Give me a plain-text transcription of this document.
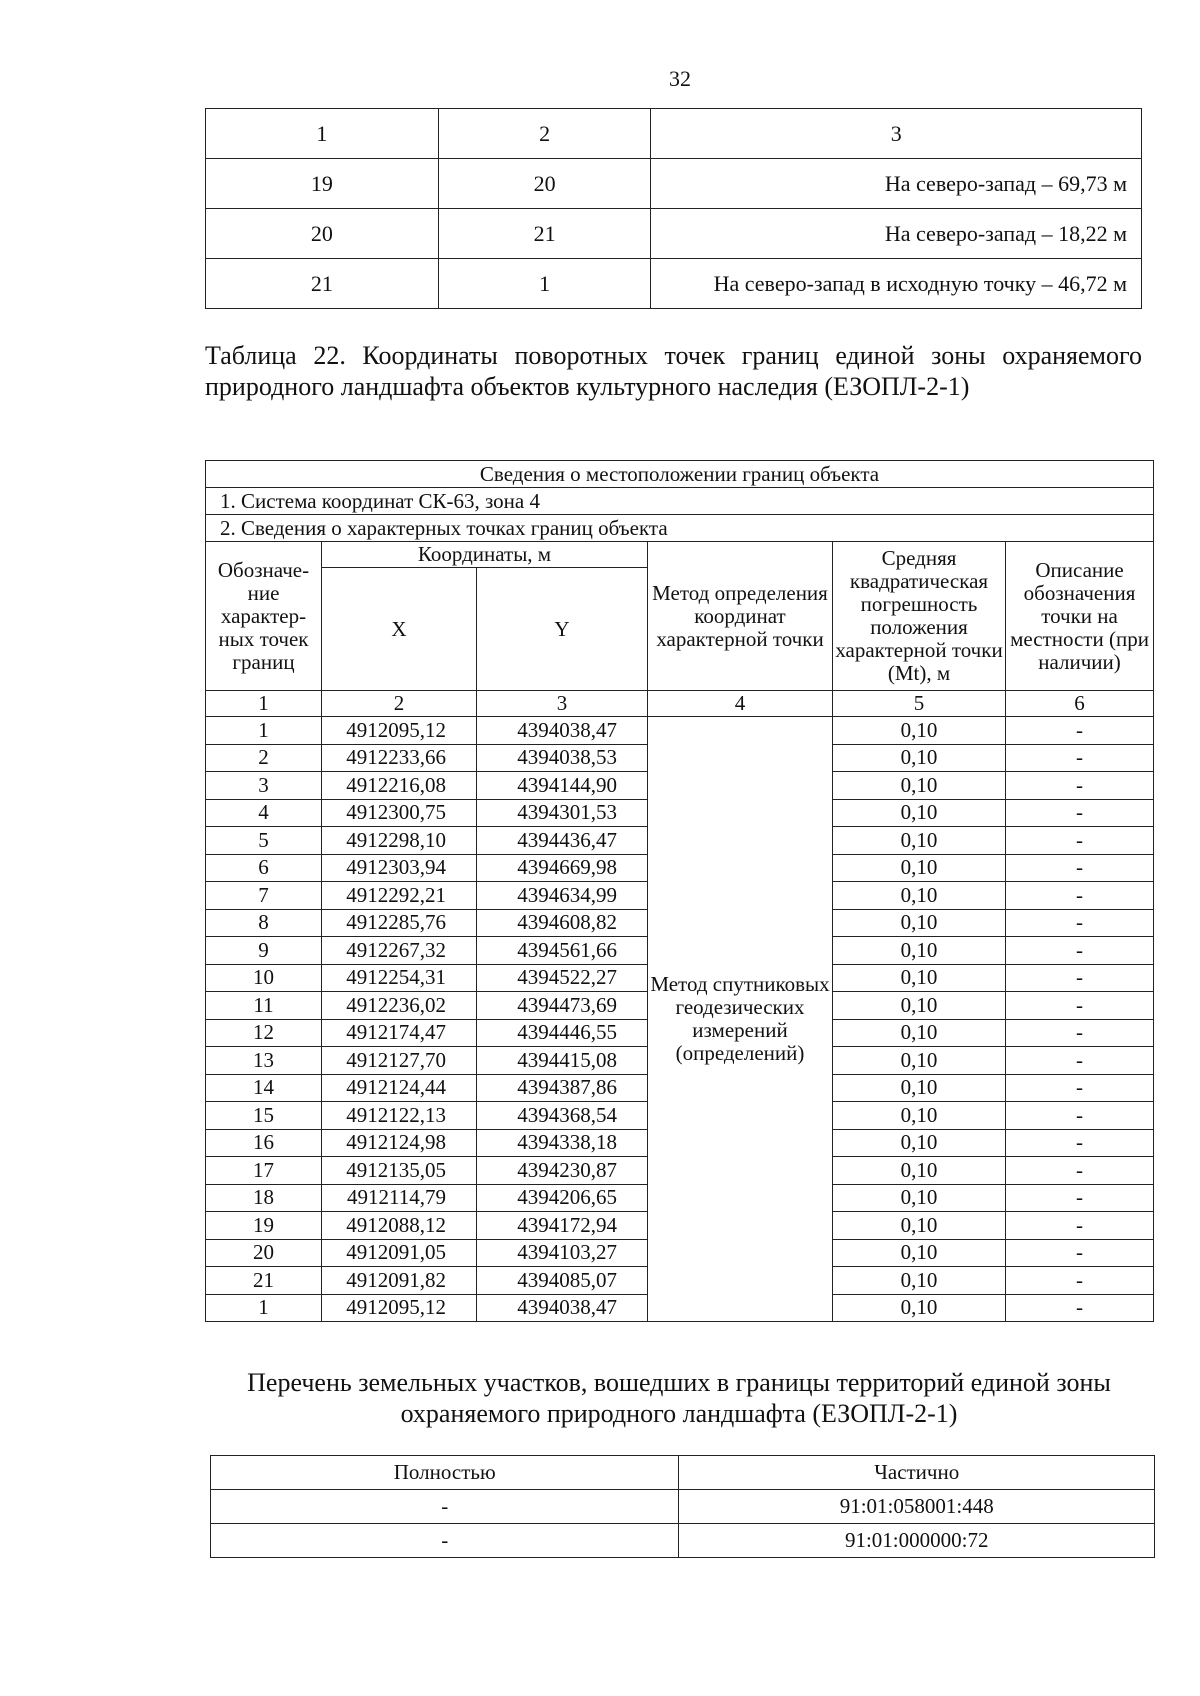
32
1	2	3
19	20	На северо-запад – 69,73 м
20	21	На северо-запад – 18,22 м
21	1	На северо-запад в исходную точку – 46,72 м
Таблица 22. Координаты поворотных точек границ единой зоны охраняемого природного ландшафта объектов культурного наследия (ЕЗОПЛ-2-1)
Сведения о местоположении границ объекта					
1. Система координат СК-63, зона 4					
2. Сведения о характерных точках границ объекта					
Обозначе-ние характер-ных точек границ	Координаты, м		Метод определения координат характерной точки	Средняя квадратическая погрешность положения характерной точки (Mt), м	Описание обозначения точки на местности (при наличии)
	X	Y			
1	2	3	4	5	6
1	4912095,12	4394038,47	Метод спутниковых геодезических измерений (определений)	0,10	-
2	4912233,66	4394038,53		0,10	-
3	4912216,08	4394144,90		0,10	-
4	4912300,75	4394301,53		0,10	-
5	4912298,10	4394436,47		0,10	-
6	4912303,94	4394669,98		0,10	-
7	4912292,21	4394634,99		0,10	-
8	4912285,76	4394608,82		0,10	-
9	4912267,32	4394561,66		0,10	-
10	4912254,31	4394522,27		0,10	-
11	4912236,02	4394473,69		0,10	-
12	4912174,47	4394446,55		0,10	-
13	4912127,70	4394415,08		0,10	-
14	4912124,44	4394387,86		0,10	-
15	4912122,13	4394368,54		0,10	-
16	4912124,98	4394338,18		0,10	-
17	4912135,05	4394230,87		0,10	-
18	4912114,79	4394206,65		0,10	-
19	4912088,12	4394172,94		0,10	-
20	4912091,05	4394103,27		0,10	-
21	4912091,82	4394085,07		0,10	-
1	4912095,12	4394038,47		0,10	-
Перечень земельных участков, вошедших в границы территорий единой зоны охраняемого природного ландшафта (ЕЗОПЛ-2-1)
Полностью	Частично
-	91:01:058001:448
-	91:01:000000:72
